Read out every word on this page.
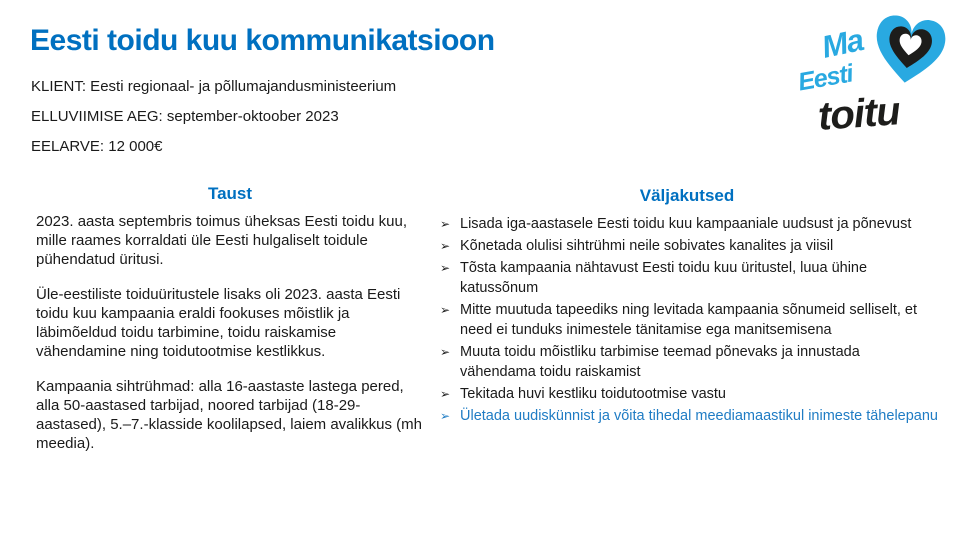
Eesti toidu kuu kommunikatsioon

KLIENT: Eesti regionaal- ja põllumajandusministeerium

ELLUVIIMISE AEG: september-oktoober 2023

EELARVE: 12 000€

Ma
Eesti
toitu
Taust

2023. aasta septembris toimus üheksas Eesti toidu kuu, mille raames korraldati üle Eesti hulgaliselt toidule pühendatud üritusi.

Üle-eestiliste toiduüritustele lisaks oli 2023. aasta Eesti toidu kuu kampaania eraldi fookuses mõistlik ja läbimõeldud toidu tarbimine, toidu raiskamise vähendamine ning toidutootmise kestlikkus.

Kampaania sihtrühmad: alla 16-aastaste lastega pered, alla 50-aastased tarbijad, noored tarbijad (18-29-aastased), 5.–7.-klasside koolilapsed, laiem avalikkus (mh meedia).

Väljakutsed
➢ Lisada iga-aastasele Eesti toidu kuu kampaaniale uudsust ja põnevust
➢ Kõnetada olulisi sihtrühmi neile sobivates kanalites ja viisil
➢ Tõsta kampaania nähtavust Eesti toidu kuu üritustel, luua ühine katussõnum
➢ Mitte muutuda tapeediks ning levitada kampaania sõnumeid selliselt, et need ei tunduks inimestele tänitamise ega manitsemisena
➢ Muuta toidu mõistliku tarbimise teemad põnevaks ja innustada vähendama toidu raiskamist
➢ Tekitada huvi kestliku toidutootmise vastu
➢ Ületada uudiskünnist ja võita tihedal meediamaastikul inimeste tähelepanu
